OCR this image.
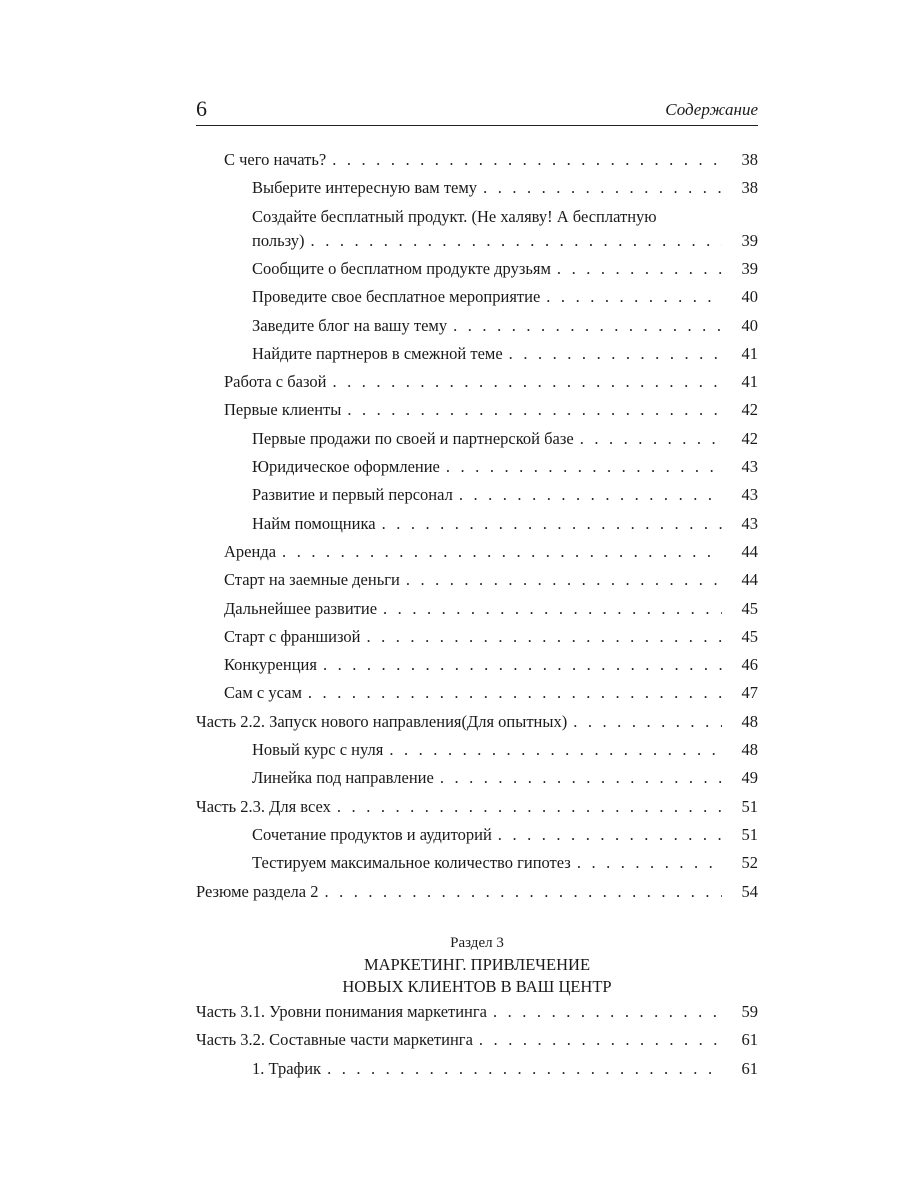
6	Содержание
С чего начать? . . .	38
Выберите интересную вам тему . . .	38
Создайте бесплатный продукт. (Не халяву! А бесплатную
пользу) . . .	39
Сообщите о бесплатном продукте друзьям . . .	39
Проведите свое бесплатное мероприятие . . .	40
Заведите блог на вашу тему . . .	40
Найдите партнеров в смежной теме . . .	41
Работа с базой . . .	41
Первые клиенты . . .	42
Первые продажи по своей и партнерской базе . . .	42
Юридическое оформление . . .	43
Развитие и первый персонал . . .	43
Найм помощника . . .	43
Аренда . . .	44
Старт на заемные деньги . . .	44
Дальнейшее развитие . . .	45
Старт с франшизой . . .	45
Конкуренция . . .	46
Сам с усам . . .	47
Часть 2.2. Запуск нового направления(Для опытных) . . .	48
Новый курс с нуля . . .	48
Линейка под направление . . .	49
Часть 2.3. Для всех . . .	51
Сочетание продуктов и аудиторий . . .	51
Тестируем максимальное количество гипотез . . .	52
Резюме раздела 2 . . .	54
Часть 3.1. Уровни понимания маркетинга . . .	59
Часть 3.2. Составные части маркетинга . . .	61
1. Трафик . . .	61
Раздел 3
МАРКЕТИНГ. ПРИВЛЕЧЕНИЕ
НОВЫХ КЛИЕНТОВ В ВАШ ЦЕНТР
